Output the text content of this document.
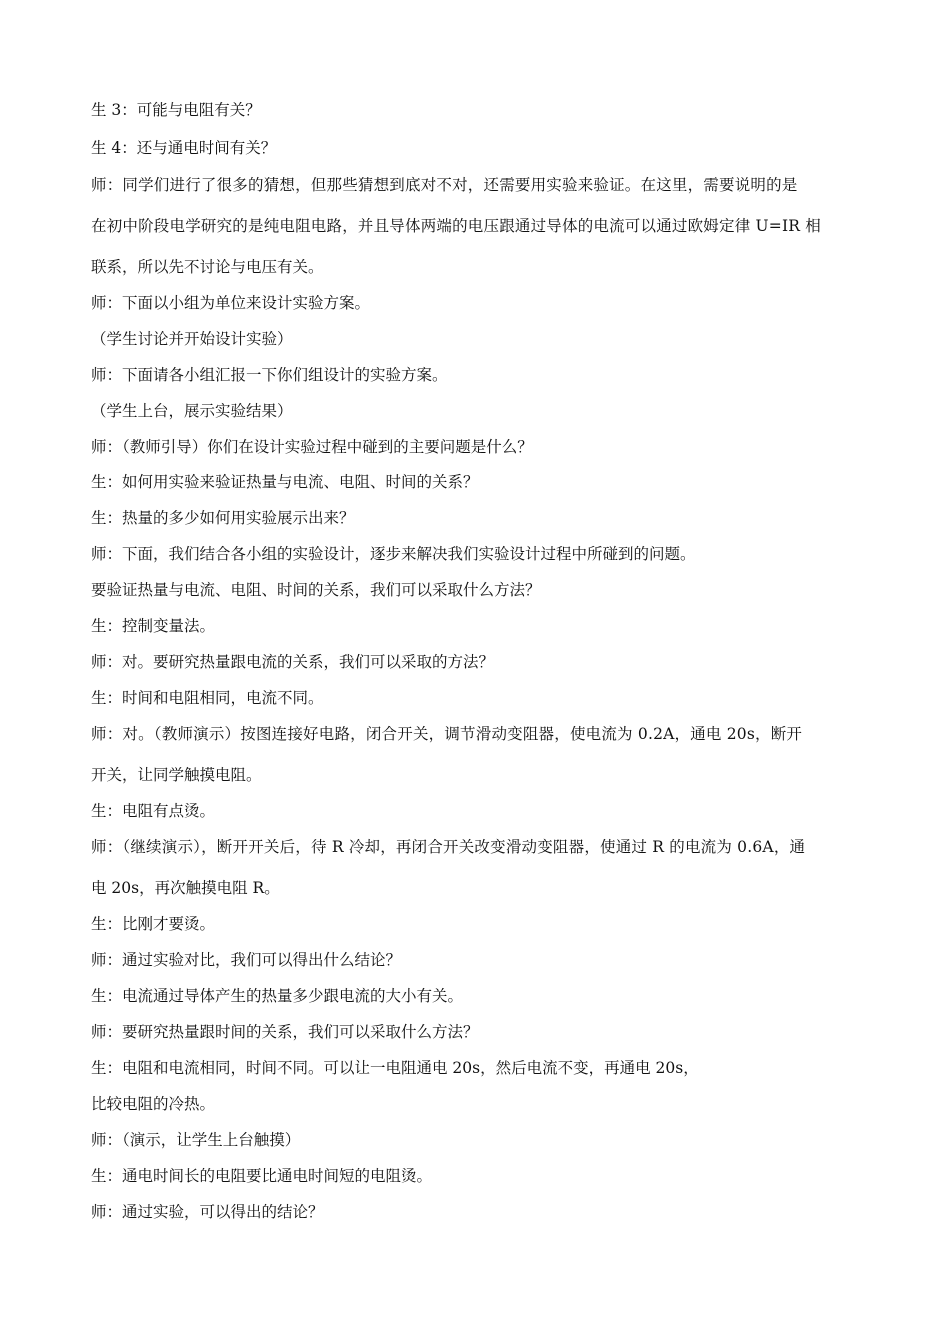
生 3：可能与电阻有关？
生 4：还与通电时间有关？
师：同学们进行了很多的猜想，但那些猜想到底对不对，还需要用实验来验证。在这里，需要说明的是
在初中阶段电学研究的是纯电阻电路，并且导体两端的电压跟通过导体的电流可以通过欧姆定律 U=IR 相
联系，所以先不讨论与电压有关。
师：下面以小组为单位来设计实验方案。
（学生讨论并开始设计实验）
师：下面请各小组汇报一下你们组设计的实验方案。
（学生上台，展示实验结果）
师：（教师引导）你们在设计实验过程中碰到的主要问题是什么？
生：如何用实验来验证热量与电流、电阻、时间的关系？
生：热量的多少如何用实验展示出来？
师：下面，我们结合各小组的实验设计，逐步来解决我们实验设计过程中所碰到的问题。
要验证热量与电流、电阻、时间的关系，我们可以采取什么方法？
生：控制变量法。
师：对。要研究热量跟电流的关系，我们可以采取的方法？
生：时间和电阻相同，电流不同。
师：对。（教师演示）按图连接好电路，闭合开关，调节滑动变阻器，使电流为 0.2A，通电 20s，断开
开关，让同学触摸电阻。
生：电阻有点烫。
师：（继续演示），断开开关后，待 R 冷却，再闭合开关改变滑动变阻器，使通过 R 的电流为 0.6A，通
电 20s，再次触摸电阻 R。
生：比刚才要烫。
师：通过实验对比，我们可以得出什么结论？
生：电流通过导体产生的热量多少跟电流的大小有关。
师：要研究热量跟时间的关系，我们可以采取什么方法？
生：电阻和电流相同，时间不同。可以让一电阻通电 20s，然后电流不变，再通电 20s，
比较电阻的冷热。
师：（演示，让学生上台触摸）
生：通电时间长的电阻要比通电时间短的电阻烫。
师：通过实验，可以得出的结论？
